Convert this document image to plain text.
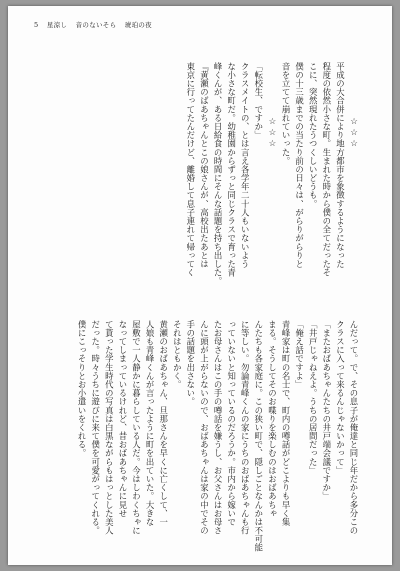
5 星涼し 音のないそら 琥珀の夜

☆☆☆

平成の大合併により地方都市を象徴するようになった

程度の依然小さな町。生まれた時から僕の全てだったそ

こに、突然現れたうつくしいどうも。

僕の十三歳までの当たり前の日々は、がらりがらりと

音を立てて崩れていった。

☆☆☆

「転校生、ですか」

クラスメイトの、とは言え各学年二十人もいないよう

な小さな町だ。幼稚園からずっと同じクラスで育った青

峰くんが、ある日給食の時間にそんな話題を持ち出した。

『黄瀬のばあちゃんとこの娘さんが、高校出たあとは

東京に行ってたんだけど、離婚して息子連れて帰ってく

んだって。で、その息子が俺達と同じ年だから多分この

クラスに入って来るんじゃないかって」

「またおばあちゃんたちの井戸端会議ですか」

「井戸じゃねえよ。うちの居間だった」

「俺え話ですよ」

青峰家は町の名士で、町内の噂話がどこよりも早く集

まる。そうしてそのお喋りを楽しむのはおばあちゃ

んたちも各家庭に。この狭い町で、隠しごとなんかは不可能

に等しい。勿論青峰くんの家にうちのおばあちゃんも行

っていないと知っているのだろうか。市内から嫁いで

たお母さんはこの手の噂話を嫌うし、お父さんはお母さ

んに頭が上がらないので、おばあちゃんは家の中でその

手の話題を出さない。

それはともかく。

黄瀬のおばあちゃん、旦那さんを早くに亡くして、一

人娘も青峰くんが言ったように町を出ていた。大きな

屋敷で一人静かに暮らしている人だ。今はしわくちゃに

なってしまっているけれど、昔おばあちゃんに見せ

て貰った学生時代の写真は白黒ながらもはっとした美人

だった。時々うちに遊びに来て僕を可愛がってくれる。

僕にこっそりとお小遣いをくれる。
